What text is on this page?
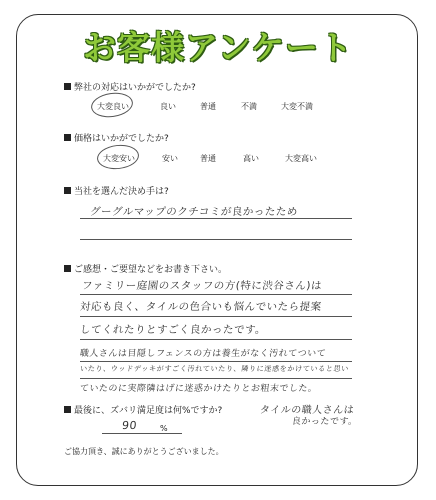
お客様アンケート
弊社の対応はいかがでしたか?
大変良い	良い	普通	不満	大変不満
価格はいかがでしたか?
大変安い	安い	普通	高い	大変高い
当社を選んだ決め手は?
グーグルマップのクチコミが良かったため
ご感想・ご要望などをお書き下さい。
ファミリー庭園のスタッフの方(特に渋谷さん)は
対応も良く、タイルの色合いも悩んでいたら提案
してくれたりとすごく良かったです。
職人さんは目隠しフェンスの方は養生がなく汚れてついて
いたり、ウッドデッキがすごく汚れていたり、隣りに迷惑をかけていると思い
ていたのに実際隣はげに迷惑かけたりとお粗末でした。
最後に、ズバリ満足度は何%ですか?	タイルの職人さんは
良かったです。
90	%
ご協力頂き、誠にありがとうございました。
